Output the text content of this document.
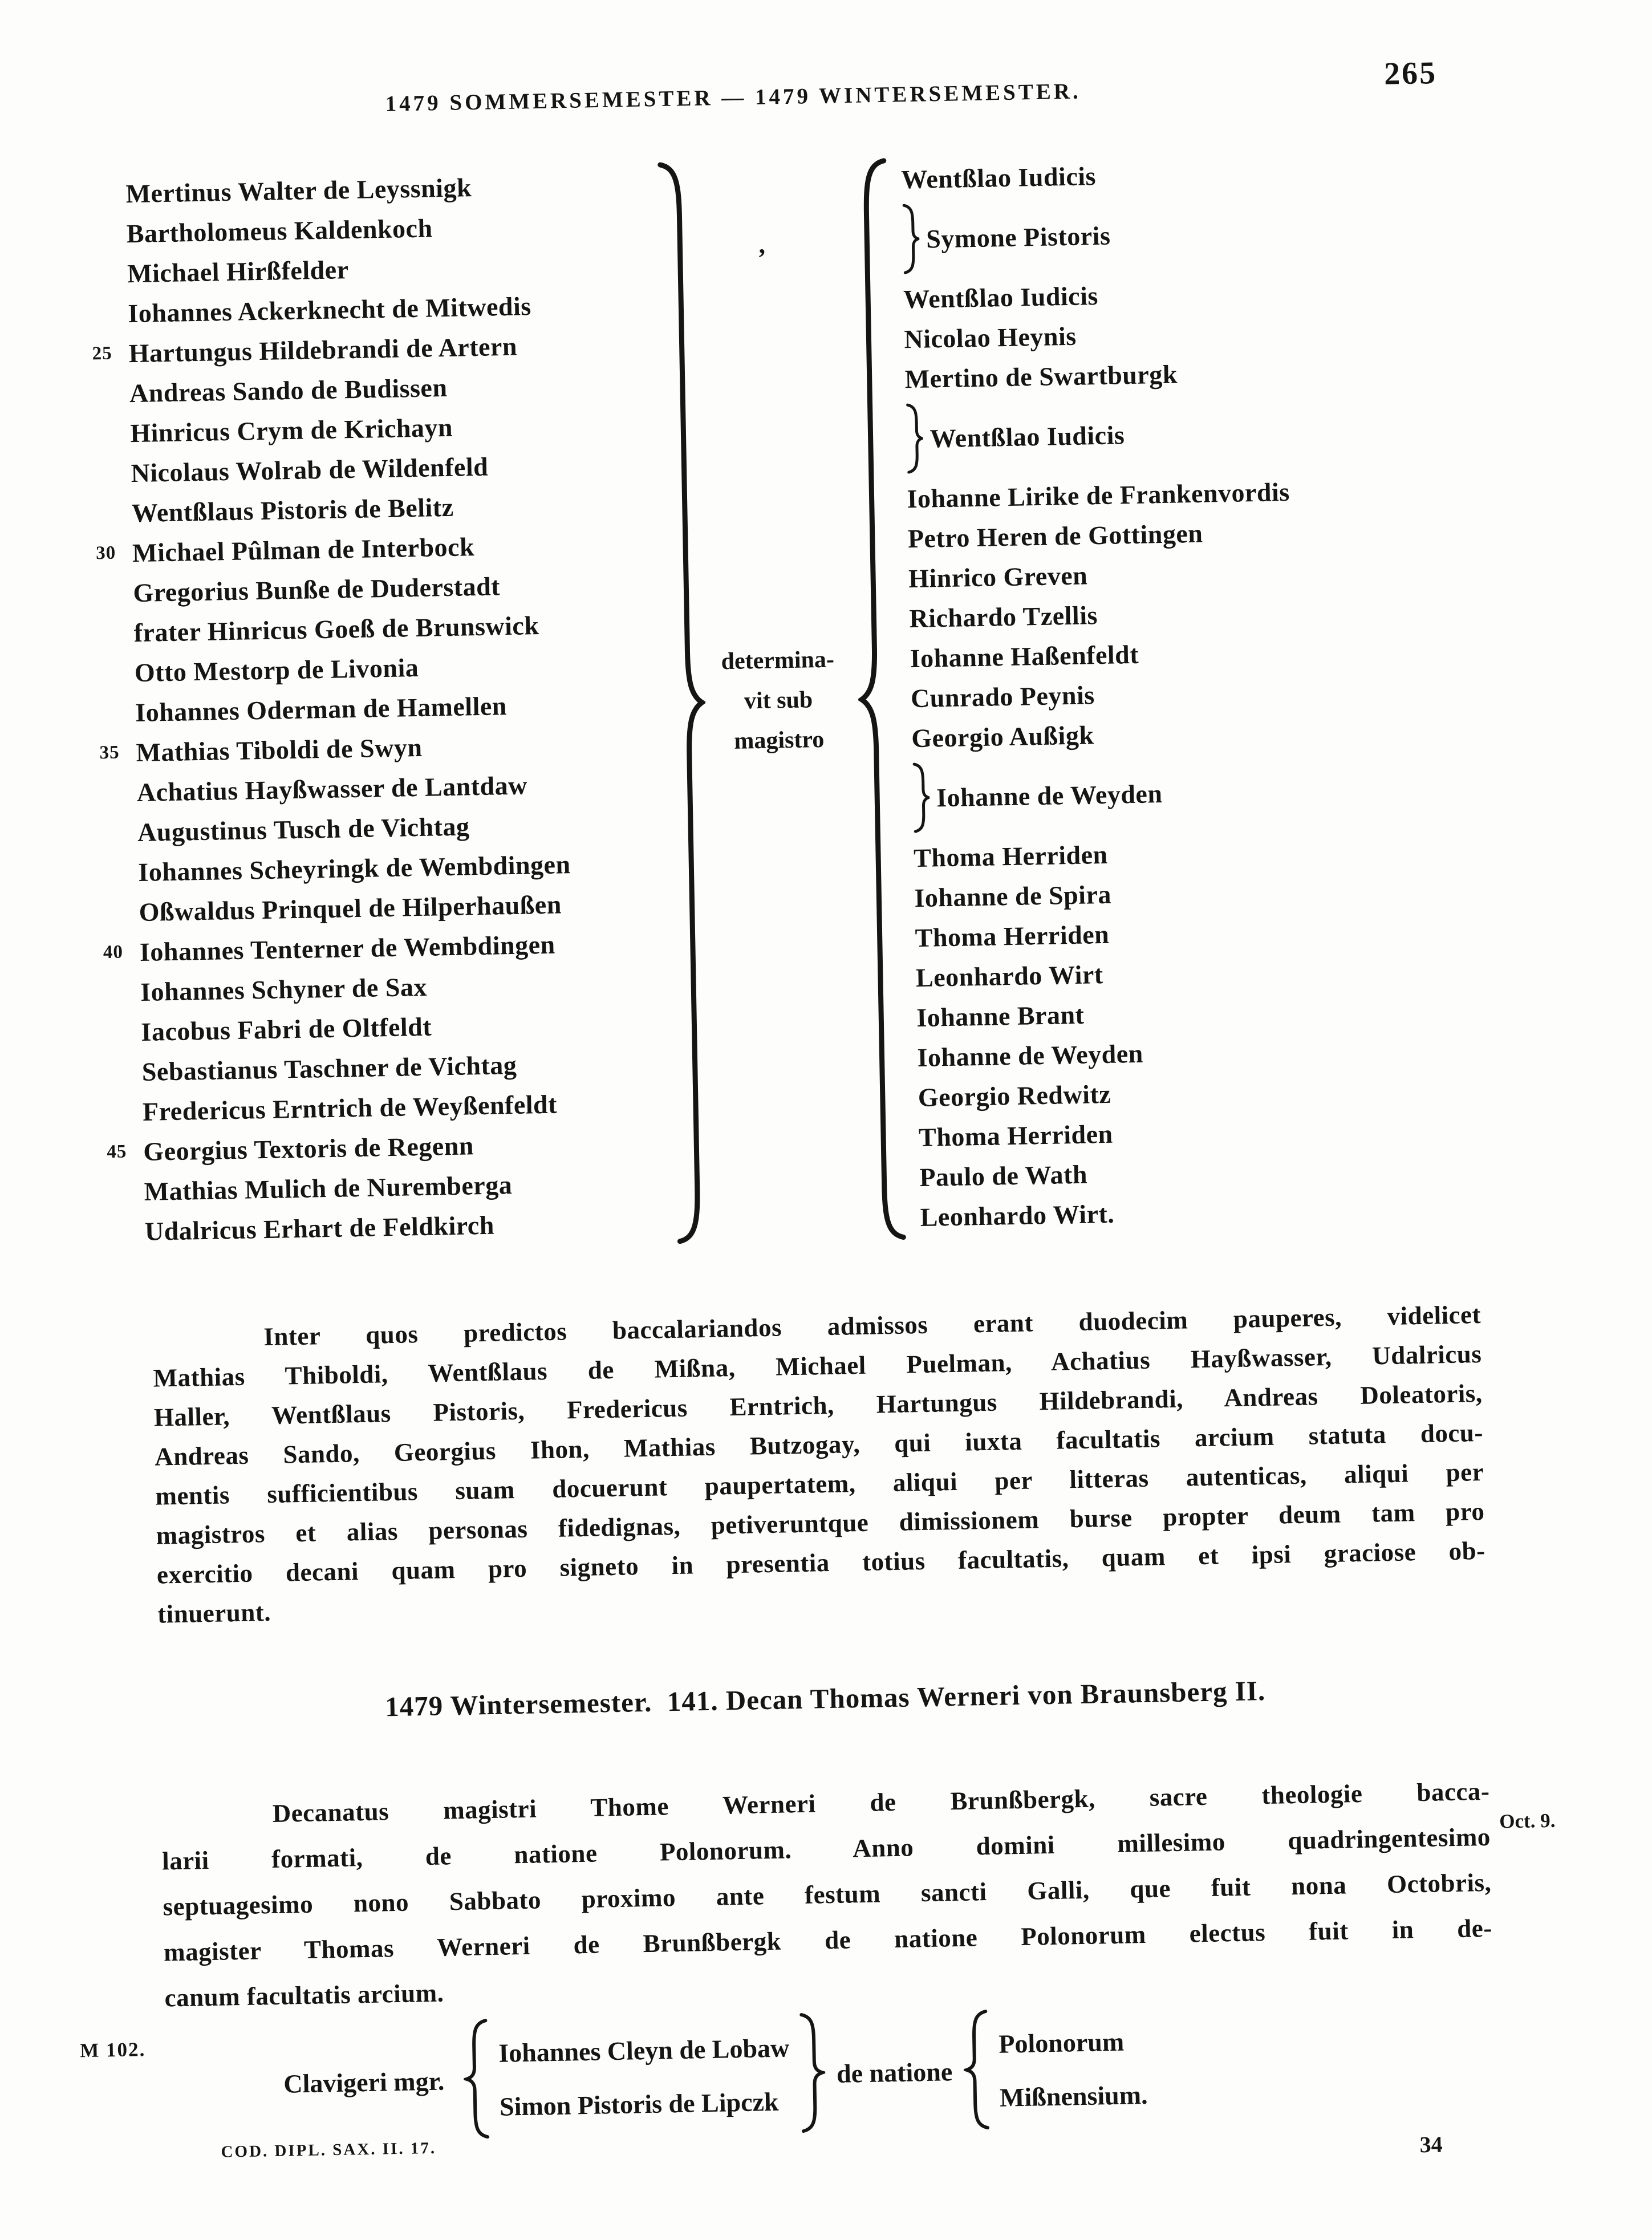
1479 SOMMERSEMESTER — 1479 WINTERSEMESTER.
265
Mertinus Walter de Leyssnigk
Bartholomeus Kaldenkoch
Michael Hirßfelder
Iohannes Ackerknecht de Mitwedis
25 Hartungus Hildebrandi de Artern
Andreas Sando de Budissen
Hinricus Crym de Krichayn
Nicolaus Wolrab de Wildenfeld
Wentßlaus Pistoris de Belitz
30 Michael Pûlman de Interbock
Gregorius Bunße de Duderstadt
frater Hinricus Goeß de Brunswick
Otto Mestorp de Livonia
Iohannes Oderman de Hamellen
35 Mathias Tiboldi de Swyn
Achatius Hayßwasser de Lantdaw
Augustinus Tusch de Vichtag
Iohannes Scheyringk de Wembdingen
Oßwaldus Prinquel de Hilperhaußen
40 Iohannes Tenterner de Wembdingen
Iohannes Schyner de Sax
Iacobus Fabri de Oltfeldt
Sebastianus Taschner de Vichtag
Fredericus Erntrich de Weyßenfeldt
45 Georgius Textoris de Regenn
Mathias Mulich de Nuremberga
Udalricus Erhart de Feldkirch
determina-
vit sub
magistro
Wentßlao Iudicis
Symone Pistoris
Wentßlao Iudicis
Nicolao Heynis
Mertino de Swartburgk
Wentßlao Iudicis
Iohanne Lirike de Frankenvordis
Petro Heren de Gottingen
Hinrico Greven
Richardo Tzellis
Iohanne Haßenfeldt
Cunrado Peynis
Georgio Außigk
Iohanne de Weyden
Thoma Herriden
Iohanne de Spira
Thoma Herriden
Leonhardo Wirt
Iohanne Brant
Iohanne de Weyden
Georgio Redwitz
Thoma Herriden
Paulo de Wath
Leonhardo Wirt.
Inter quos predictos baccalariandos admissos erant duodecim pauperes, videlicet
Mathias Thiboldi, Wentßlaus de Mißna, Michael Puelman, Achatius Hayßwasser, Udalricus
Haller, Wentßlaus Pistoris, Fredericus Erntrich, Hartungus Hildebrandi, Andreas Doleatoris,
Andreas Sando, Georgius Ihon, Mathias Butzogay, qui iuxta facultatis arcium statuta docu-
mentis sufficientibus suam docuerunt paupertatem, aliqui per litteras autenticas, aliqui per
magistros et alias personas fidedignas, petiveruntque dimissionem burse propter deum tam pro
exercitio decani quam pro signeto in presentia totius facultatis, quam et ipsi graciose ob-
tinuerunt.
1479 Wintersemester.  141. Decan Thomas Werneri von Braunsberg II.
Decanatus magistri Thome Werneri de Brunßbergk, sacre theologie bacca-
larii formati, de natione Polonorum. Anno domini millesimo quadringentesimo
septuagesimo nono Sabbato proximo ante festum sancti Galli, que fuit nona Octobris,
magister Thomas Werneri de Brunßbergk de natione Polonorum electus fuit in de-
canum facultatis arcium.
Oct. 9.
M 102.
Clavigeri mgr.
Iohannes Cleyn de Lobaw
Simon Pistoris de Lipczk
de natione
Polonorum
Mißnensium.
COD. DIPL. SAX. II. 17.	34
,
